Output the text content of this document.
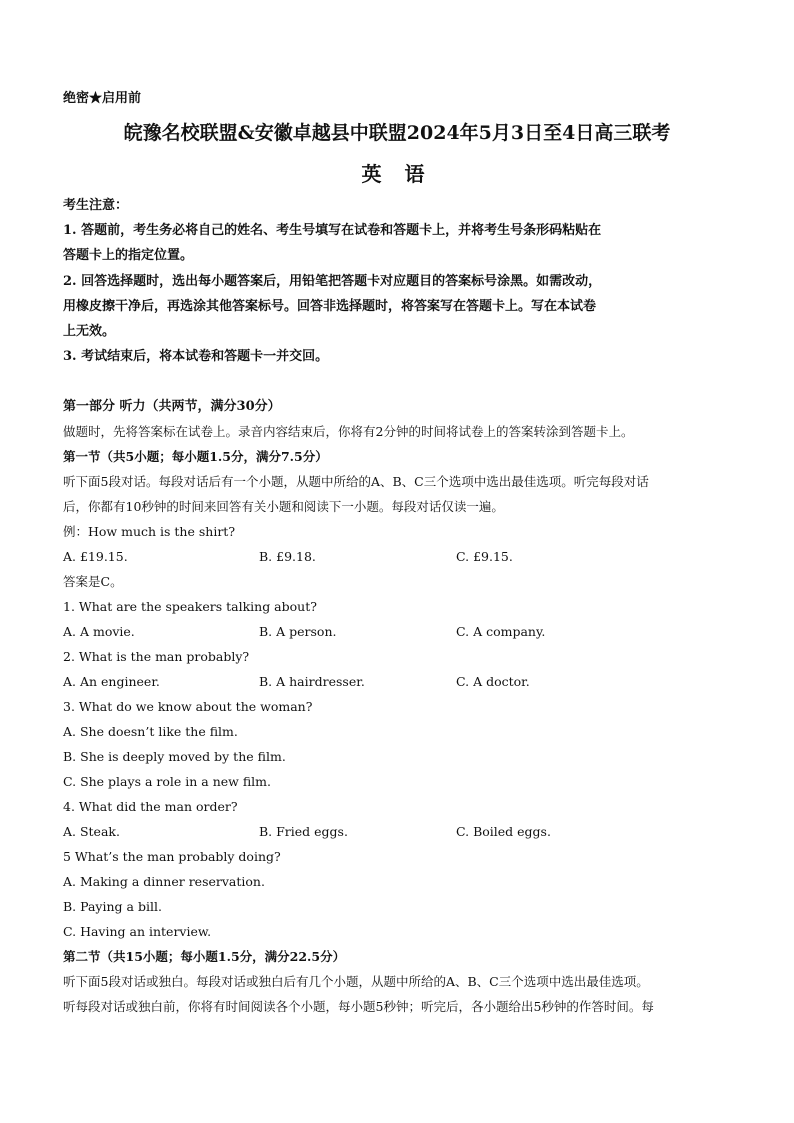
绝密★启用前
皖豫名校联盟&安徽卓越县中联盟2024年5月3日至4日高三联考
英 语
考生注意：
1. 答题前，考生务必将自己的姓名、考生号填写在试卷和答题卡上，并将考生号条形码粘贴在
答题卡上的指定位置。
2. 回答选择题时，选出每小题答案后，用铅笔把答题卡对应题目的答案标号涂黑。如需改动，
用橡皮擦干净后，再选涂其他答案标号。回答非选择题时，将答案写在答题卡上。写在本试卷
上无效。
3. 考试结束后，将本试卷和答题卡一并交回。
第一部分 听力（共两节，满分30分）
做题时，先将答案标在试卷上。录音内容结束后，你将有2分钟的时间将试卷上的答案转涂到答题卡上。
第一节（共5小题；每小题1.5分，满分7.5分）
听下面5段对话。每段对话后有一个小题，从题中所给的A、B、C三个选项中选出最佳选项。听完每段对话
后，你都有10秒钟的时间来回答有关小题和阅读下一小题。每段对话仅读一遍。
例：How much is the shirt?
A. £19.15.	B. £9.18.	C. £9.15.
答案是C。
1. What are the speakers talking about?
A. A movie.	B. A person.	C. A company.
2. What is the man probably?
A. An engineer.	B. A hairdresser.	C. A doctor.
3. What do we know about the woman?
A. She doesn’t like the film.
B. She is deeply moved by the film.
C. She plays a role in a new film.
4. What did the man order?
A. Steak.	B. Fried eggs.	C. Boiled eggs.
5 What’s the man probably doing?
A. Making a dinner reservation.
B. Paying a bill.
C. Having an interview.
第二节（共15小题；每小题1.5分，满分22.5分）
听下面5段对话或独白。每段对话或独白后有几个小题，从题中所给的A、B、C三个选项中选出最佳选项。
听每段对话或独白前，你将有时间阅读各个小题，每小题5秒钟；听完后，各小题给出5秒钟的作答时间。每
